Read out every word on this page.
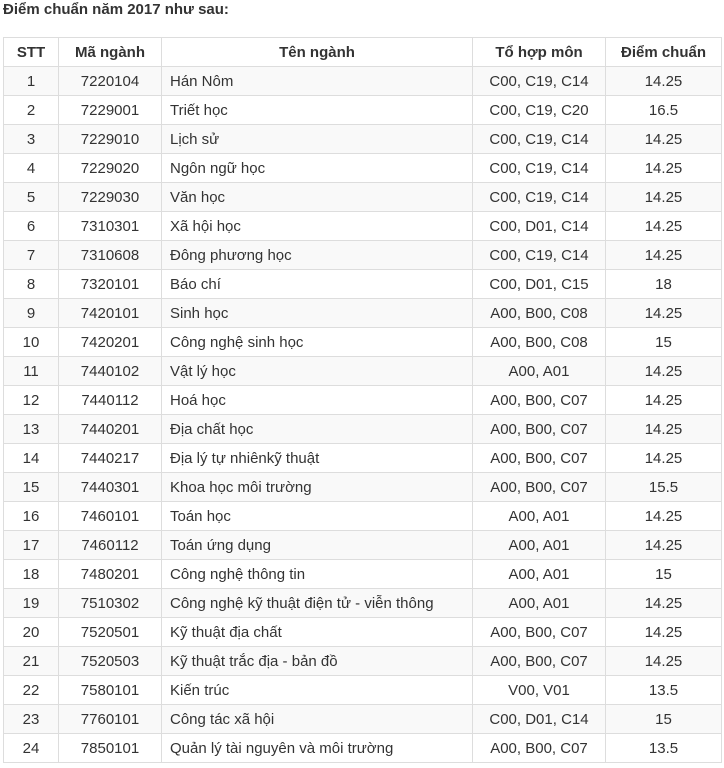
Điểm chuẩn năm 2017 như sau:
STT	Mã ngành	Tên ngành	Tổ hợp môn	Điểm chuẩn
1	7220104	Hán Nôm	C00, C19, C14	14.25
2	7229001	Triết học	C00, C19, C20	16.5
3	7229010	Lịch sử	C00, C19, C14	14.25
4	7229020	Ngôn ngữ học	C00, C19, C14	14.25
5	7229030	Văn học	C00, C19, C14	14.25
6	7310301	Xã hội học	C00, D01, C14	14.25
7	7310608	Đông phương học	C00, C19, C14	14.25
8	7320101	Báo chí	C00, D01, C15	18
9	7420101	Sinh học	A00, B00, C08	14.25
10	7420201	Công nghệ sinh học	A00, B00, C08	15
11	7440102	Vật lý học	A00, A01	14.25
12	7440112	Hoá học	A00, B00, C07	14.25
13	7440201	Địa chất học	A00, B00, C07	14.25
14	7440217	Địa lý tự nhiênkỹ thuật	A00, B00, C07	14.25
15	7440301	Khoa học môi trường	A00, B00, C07	15.5
16	7460101	Toán học	A00, A01	14.25
17	7460112	Toán ứng dụng	A00, A01	14.25
18	7480201	Công nghệ thông tin	A00, A01	15
19	7510302	Công nghệ kỹ thuật điện tử - viễn thông	A00, A01	14.25
20	7520501	Kỹ thuật địa chất	A00, B00, C07	14.25
21	7520503	Kỹ thuật trắc địa - bản đồ	A00, B00, C07	14.25
22	7580101	Kiến trúc	V00, V01	13.5
23	7760101	Công tác xã hội	C00, D01, C14	15
24	7850101	Quản lý tài nguyên và môi trường	A00, B00, C07	13.5
